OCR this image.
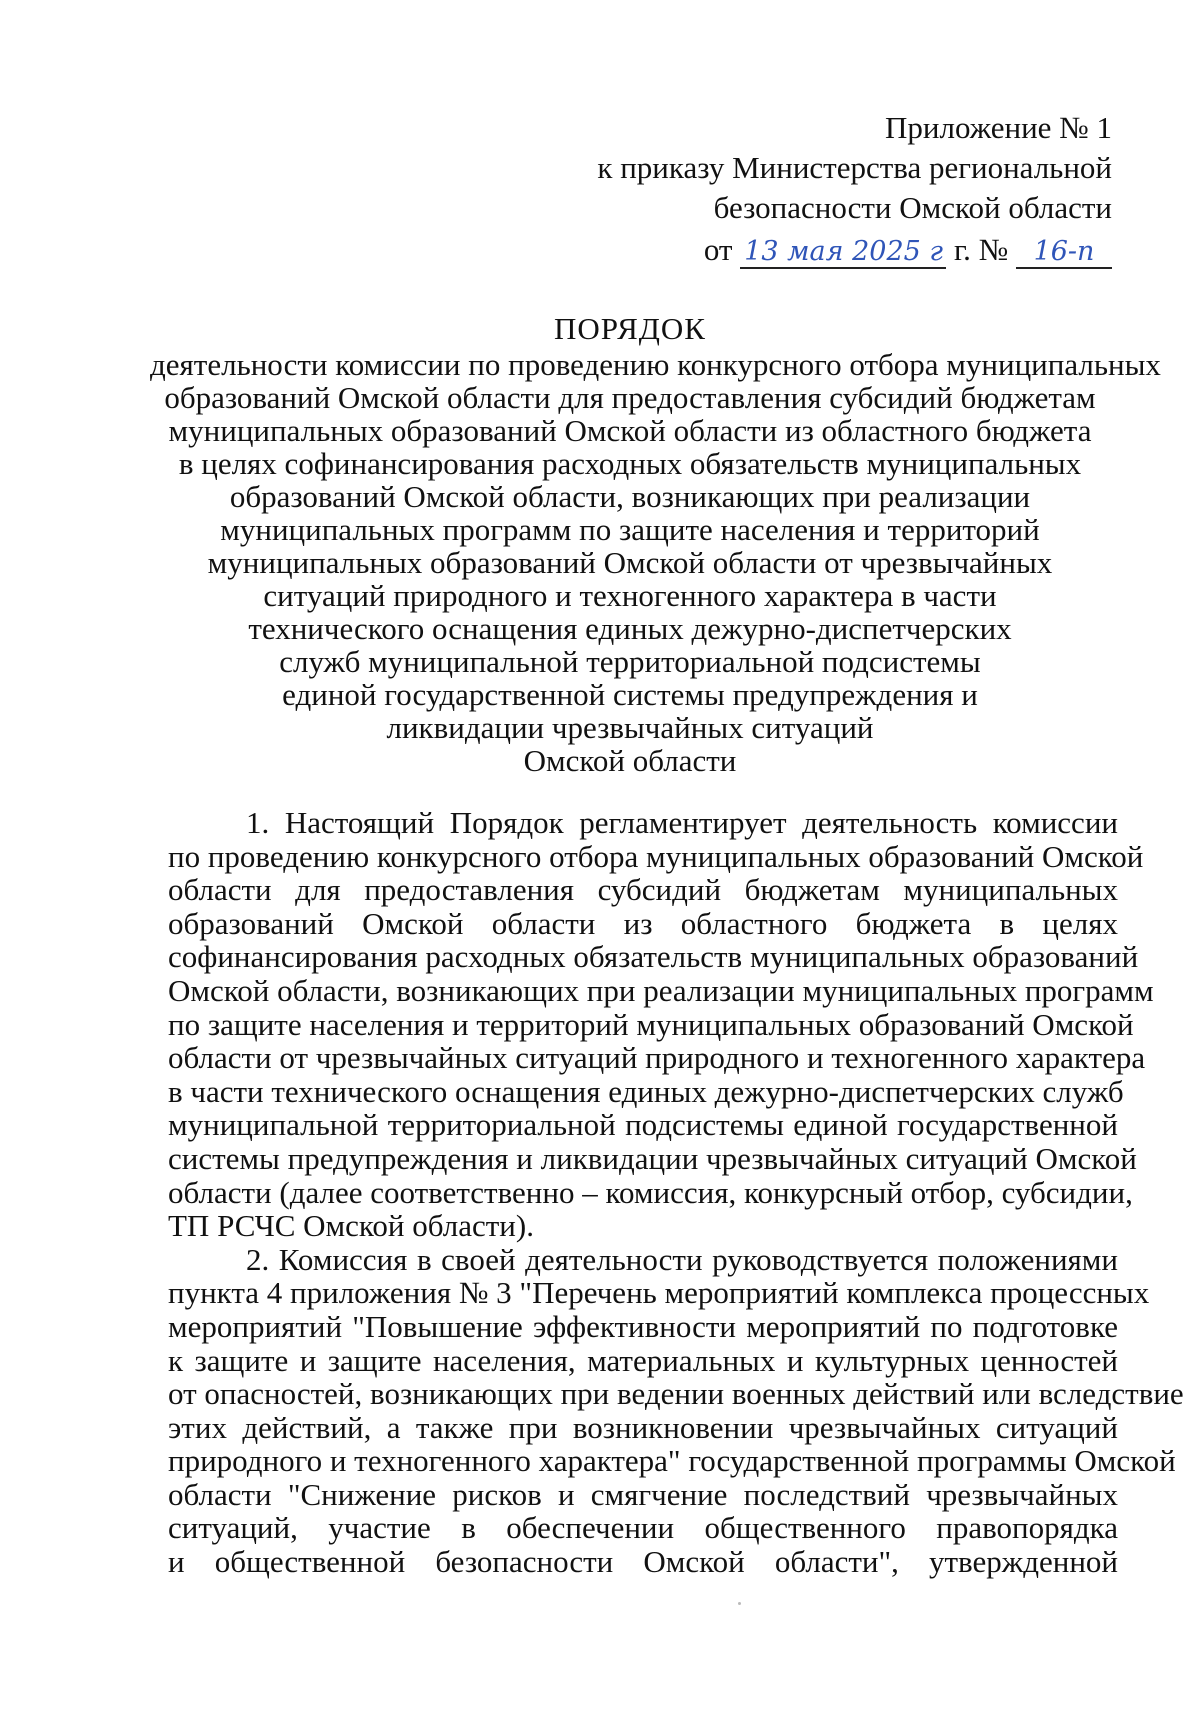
Приложение № 1
к приказу Министерства региональной
безопасности Омской области
от 13 мая 2025 г г. № 16-п
ПОРЯДОК
деятельности комиссии по проведению конкурсного отбора муниципальных
образований Омской области для предоставления субсидий бюджетам
муниципальных образований Омской области из областного бюджета
в целях софинансирования расходных обязательств муниципальных
образований Омской области, возникающих при реализации
муниципальных программ по защите населения и территорий
муниципальных образований Омской области от чрезвычайных
ситуаций природного и техногенного характера в части
технического оснащения единых дежурно-диспетчерских
служб муниципальной территориальной подсистемы
единой государственной системы предупреждения и
ликвидации чрезвычайных ситуаций
Омской области
1. Настоящий Порядок регламентирует деятельность комиссии
по проведению конкурсного отбора муниципальных образований Омской
области для предоставления субсидий бюджетам муниципальных
образований Омской области из областного бюджета в целях
софинансирования расходных обязательств муниципальных образований
Омской области, возникающих при реализации муниципальных программ
по защите населения и территорий муниципальных образований Омской
области от чрезвычайных ситуаций природного и техногенного характера
в части технического оснащения единых дежурно-диспетчерских служб
муниципальной территориальной подсистемы единой государственной
системы предупреждения и ликвидации чрезвычайных ситуаций Омской
области (далее соответственно – комиссия, конкурсный отбор, субсидии,
ТП РСЧС Омской области).
2. Комиссия в своей деятельности руководствуется положениями
пункта 4 приложения № 3 "Перечень мероприятий комплекса процессных
мероприятий "Повышение эффективности мероприятий по подготовке
к защите и защите населения, материальных и культурных ценностей
от опасностей, возникающих при ведении военных действий или вследствие
этих действий, а также при возникновении чрезвычайных ситуаций
природного и техногенного характера" государственной программы Омской
области "Снижение рисков и смягчение последствий чрезвычайных
ситуаций, участие в обеспечении общественного правопорядка
и общественной безопасности Омской области", утвержденной
